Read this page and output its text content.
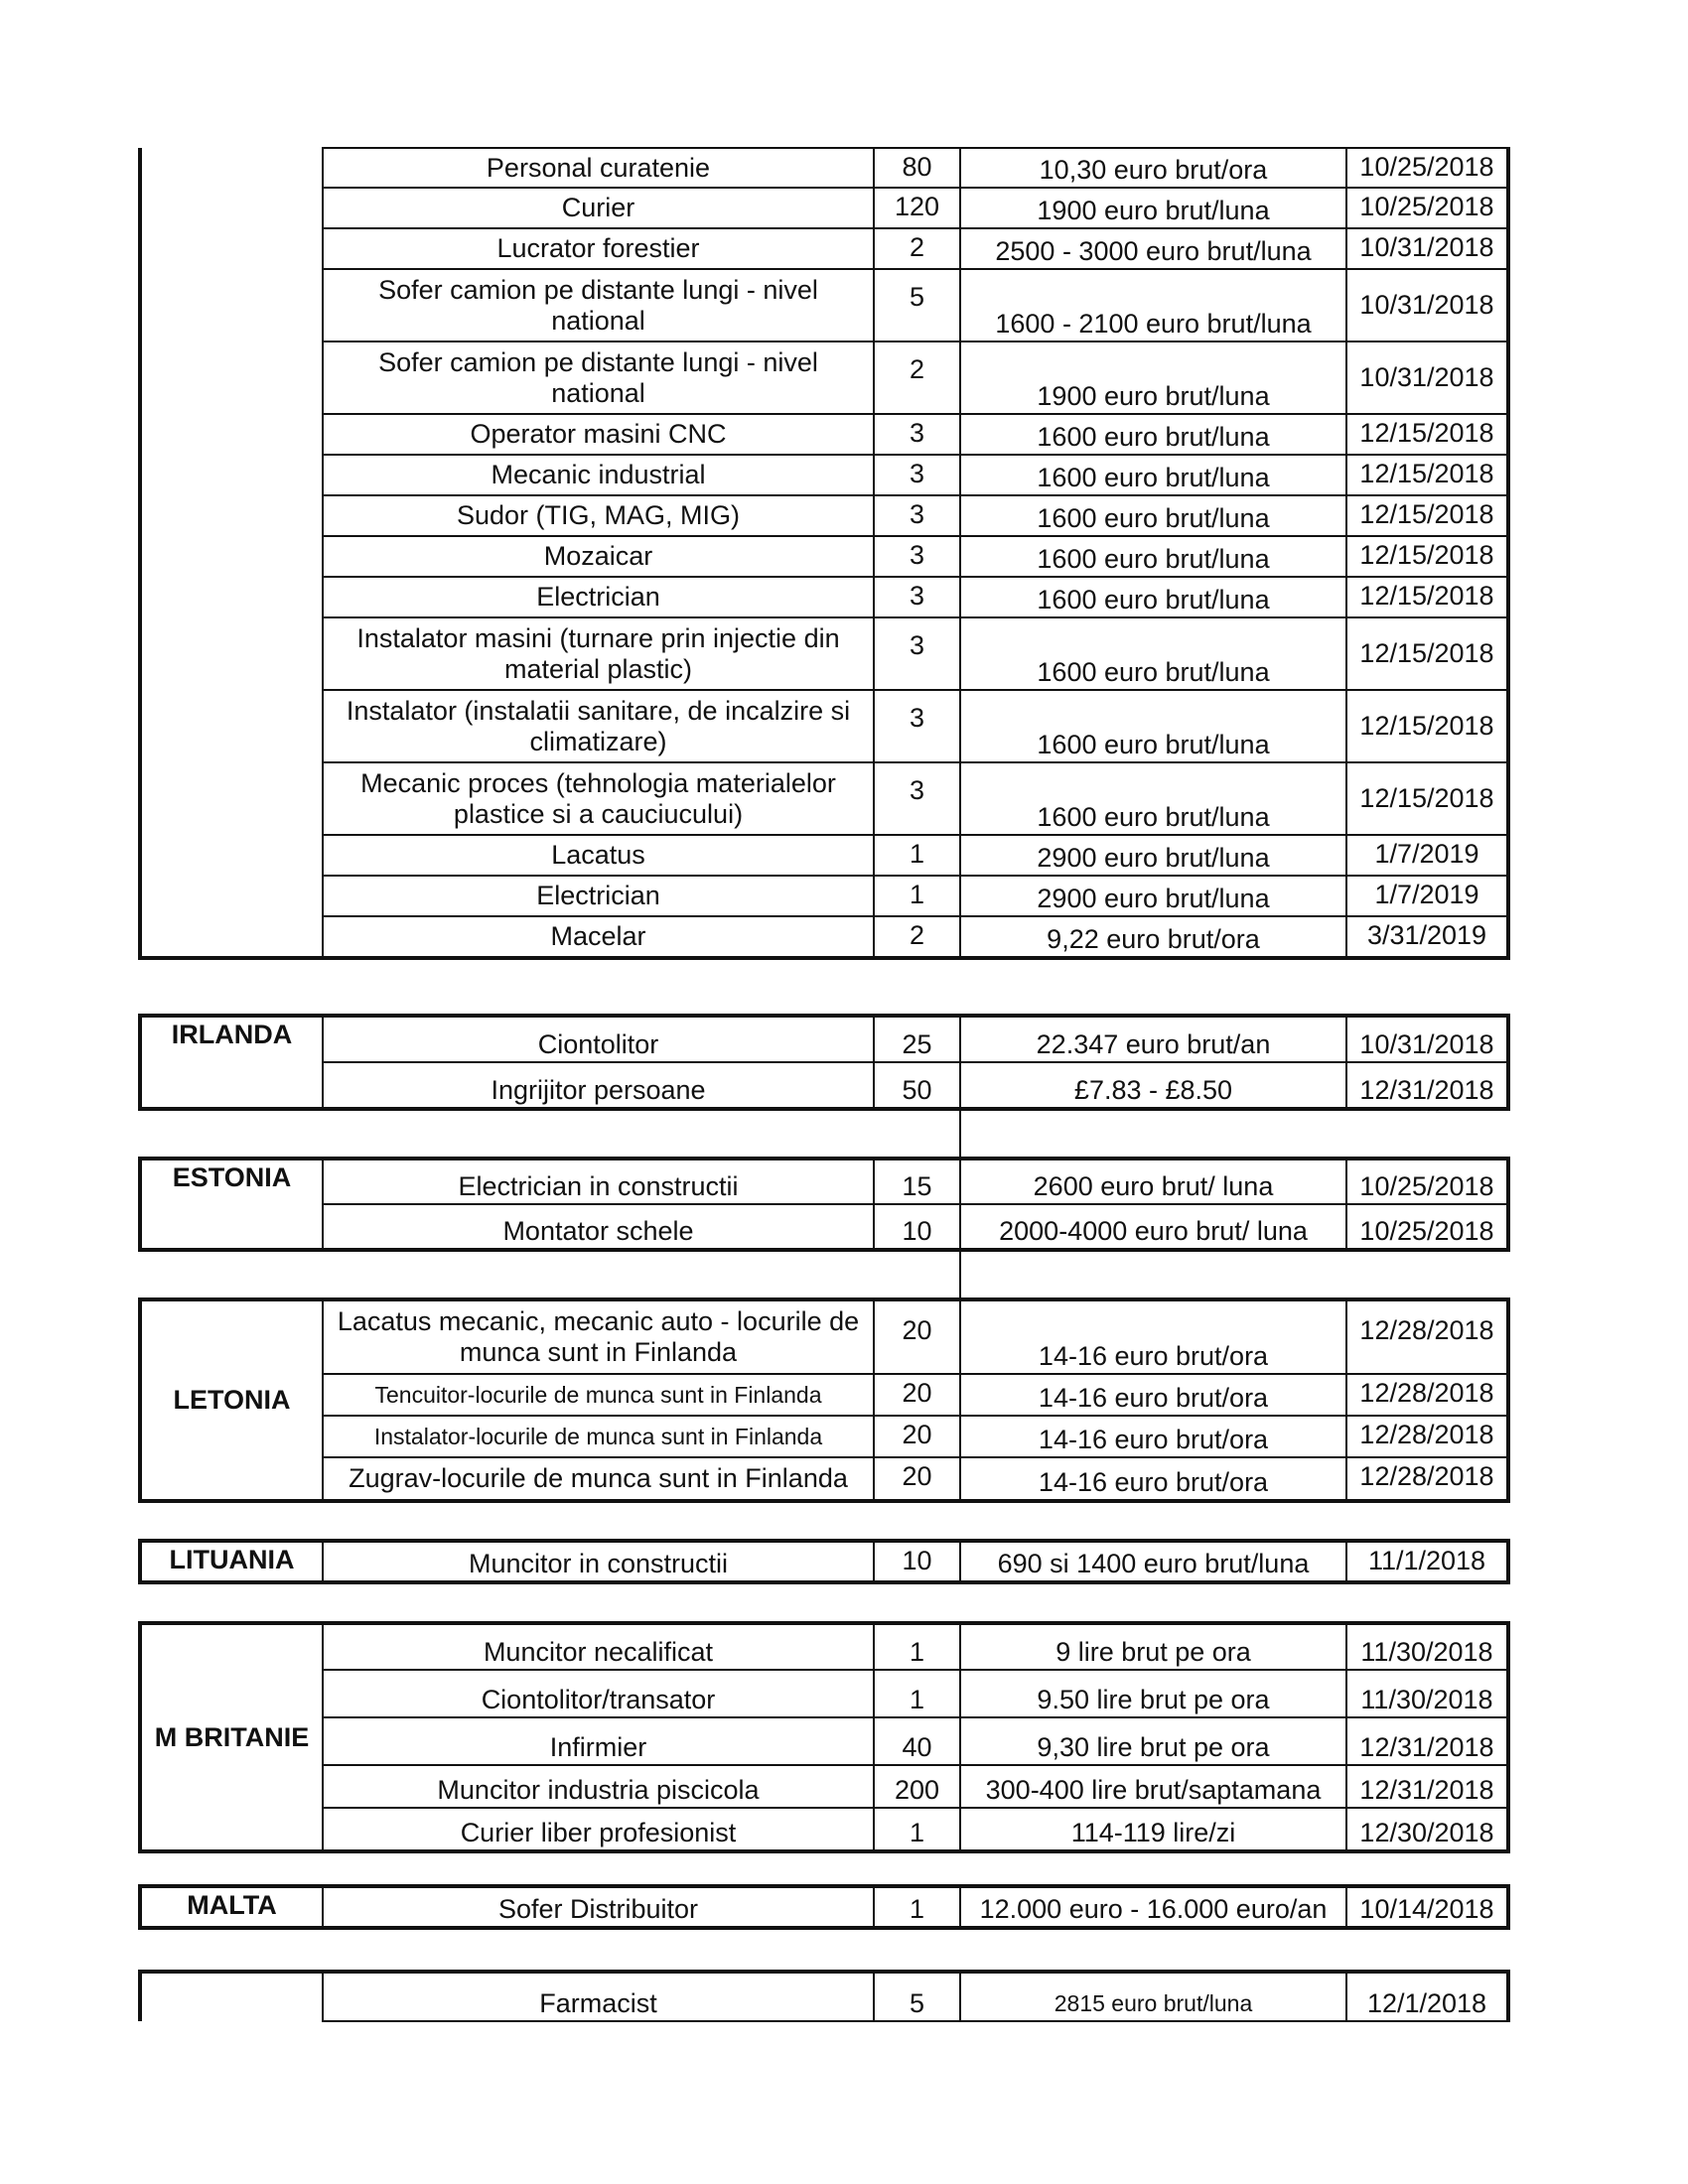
	Personal curatenie	80	10,30 euro brut/ora	10/25/2018
	Curier	120	1900 euro brut/luna	10/25/2018
	Lucrator forestier	2	2500 - 3000 euro brut/luna	10/31/2018
	Sofer camion pe distante lungi - nivel national	5	1600 - 2100 euro brut/luna	10/31/2018
	Sofer camion pe distante lungi - nivel national	2	1900 euro brut/luna	10/31/2018
	Operator masini CNC	3	1600 euro brut/luna	12/15/2018
	Mecanic industrial	3	1600 euro brut/luna	12/15/2018
	Sudor (TIG, MAG, MIG)	3	1600 euro brut/luna	12/15/2018
	Mozaicar	3	1600 euro brut/luna	12/15/2018
	Electrician	3	1600 euro brut/luna	12/15/2018
	Instalator masini (turnare prin injectie din material plastic)	3	1600 euro brut/luna	12/15/2018
	Instalator (instalatii sanitare, de incalzire si climatizare)	3	1600 euro brut/luna	12/15/2018
	Mecanic proces (tehnologia materialelor plastice si a cauciucului)	3	1600 euro brut/luna	12/15/2018
	Lacatus	1	2900 euro brut/luna	1/7/2019
	Electrician	1	2900 euro brut/luna	1/7/2019
	Macelar	2	9,22 euro brut/ora	3/31/2019
IRLANDA	Ciontolitor	25	22.347 euro brut/an	10/31/2018
	Ingrijitor persoane	50	£7.83 - £8.50	12/31/2018
ESTONIA	Electrician in constructii	15	2600 euro brut/ luna	10/25/2018
	Montator schele	10	2000-4000 euro brut/ luna	10/25/2018
LETONIA	Lacatus mecanic, mecanic auto - locurile de munca sunt in Finlanda	20	14-16 euro brut/ora	12/28/2018
	Tencuitor-locurile de munca sunt in Finlanda	20	14-16 euro brut/ora	12/28/2018
	Instalator-locurile de munca sunt in Finlanda	20	14-16 euro brut/ora	12/28/2018
	Zugrav-locurile de munca sunt in Finlanda	20	14-16 euro brut/ora	12/28/2018
LITUANIA	Muncitor in constructii	10	690 si 1400 euro brut/luna	11/1/2018
M BRITANIE	Muncitor necalificat	1	9 lire brut pe ora	11/30/2018
	Ciontolitor/transator	1	9.50 lire brut pe ora	11/30/2018
	Infirmier	40	9,30 lire brut pe ora	12/31/2018
	Muncitor industria piscicola	200	300-400 lire brut/saptamana	12/31/2018
	Curier liber profesionist	1	114-119 lire/zi	12/30/2018
MALTA	Sofer Distribuitor	1	12.000 euro - 16.000 euro/an	10/14/2018
	Farmacist	5	2815 euro brut/luna	12/1/2018
